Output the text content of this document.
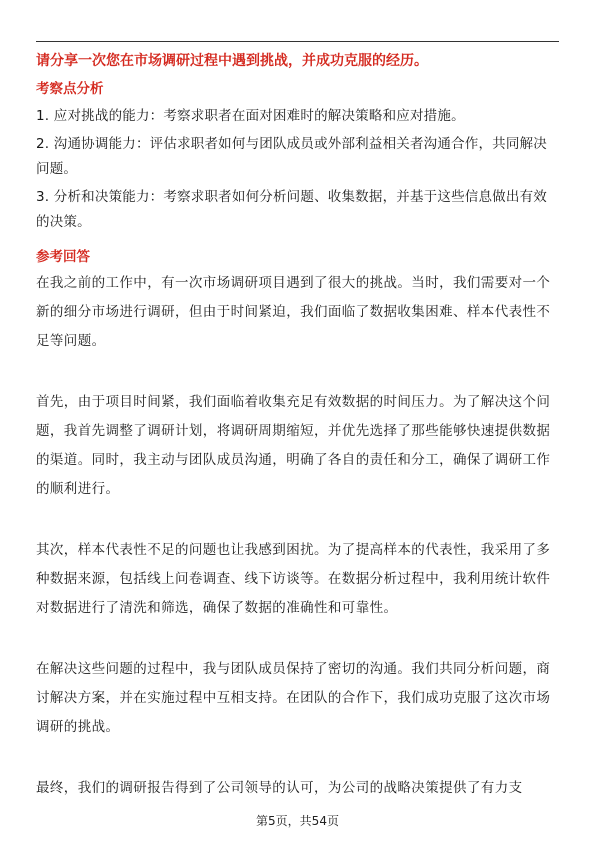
请分享一次您在市场调研过程中遇到挑战，并成功克服的经历。

考察点分析

1. 应对挑战的能力：考察求职者在面对困难时的解决策略和应对措施。

2. 沟通协调能力：评估求职者如何与团队成员或外部利益相关者沟通合作，共同解决问题。

3. 分析和决策能力：考察求职者如何分析问题、收集数据，并基于这些信息做出有效的决策。

参考回答

在我之前的工作中，有一次市场调研项目遇到了很大的挑战。当时，我们需要对一个新的细分市场进行调研，但由于时间紧迫，我们面临了数据收集困难、样本代表性不足等问题。

首先，由于项目时间紧，我们面临着收集充足有效数据的时间压力。为了解决这个问题，我首先调整了调研计划，将调研周期缩短，并优先选择了那些能够快速提供数据的渠道。同时，我主动与团队成员沟通，明确了各自的责任和分工，确保了调研工作的顺利进行。

其次，样本代表性不足的问题也让我感到困扰。为了提高样本的代表性，我采用了多种数据来源，包括线上问卷调查、线下访谈等。在数据分析过程中，我利用统计软件对数据进行了清洗和筛选，确保了数据的准确性和可靠性。

在解决这些问题的过程中，我与团队成员保持了密切的沟通。我们共同分析问题，商讨解决方案，并在实施过程中互相支持。在团队的合作下，我们成功克服了这次市场调研的挑战。

最终，我们的调研报告得到了公司领导的认可，为公司的战略决策提供了有力支

第5页，共54页
